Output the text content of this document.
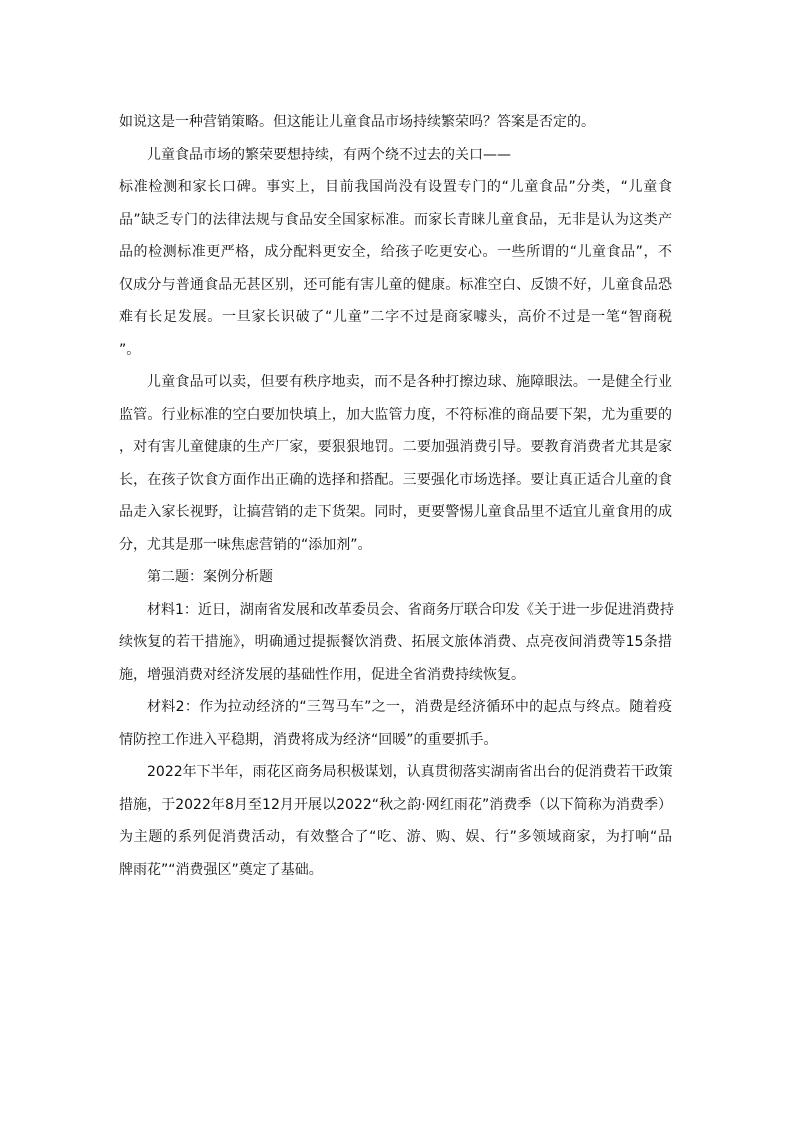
如说这是一种营销策略。但这能让儿童食品市场持续繁荣吗？答案是否定的。
儿童食品市场的繁荣要想持续，有两个绕不过去的关口——
标准检测和家长口碑。事实上，目前我国尚没有设置专门的“儿童食品”分类，“儿童食
品”缺乏专门的法律法规与食品安全国家标准。而家长青睐儿童食品，无非是认为这类产
品的检测标准更严格，成分配料更安全，给孩子吃更安心。一些所谓的“儿童食品”，不
仅成分与普通食品无甚区别，还可能有害儿童的健康。标准空白、反馈不好，儿童食品恐
难有长足发展。一旦家长识破了“儿童”二字不过是商家噱头，高价不过是一笔“智商税
”。
儿童食品可以卖，但要有秩序地卖，而不是各种打擦边球、施障眼法。一是健全行业
监管。行业标准的空白要加快填上，加大监管力度，不符标准的商品要下架，尤为重要的
，对有害儿童健康的生产厂家，要狠狠地罚。二要加强消费引导。要教育消费者尤其是家
长，在孩子饮食方面作出正确的选择和搭配。三要强化市场选择。要让真正适合儿童的食
品走入家长视野，让搞营销的走下货架。同时，更要警惕儿童食品里不适宜儿童食用的成
分，尤其是那一味焦虑营销的“添加剂”。
第二题：案例分析题
材料1：近日，湖南省发展和改革委员会、省商务厅联合印发《关于进一步促进消费持
续恢复的若干措施》，明确通过提振餐饮消费、拓展文旅体消费、点亮夜间消费等15条措
施，增强消费对经济发展的基础性作用，促进全省消费持续恢复。
材料2：作为拉动经济的“三驾马车”之一，消费是经济循环中的起点与终点。随着疫
情防控工作进入平稳期，消费将成为经济“回暖”的重要抓手。
2022年下半年，雨花区商务局积极谋划，认真贯彻落实湖南省出台的促消费若干政策
措施，于2022年8月至12月开展以2022“秋之韵·网红雨花”消费季（以下简称为消费季）
为主题的系列促消费活动，有效整合了“吃、游、购、娱、行”多领域商家，为打响“品
牌雨花”“消费强区”奠定了基础。
